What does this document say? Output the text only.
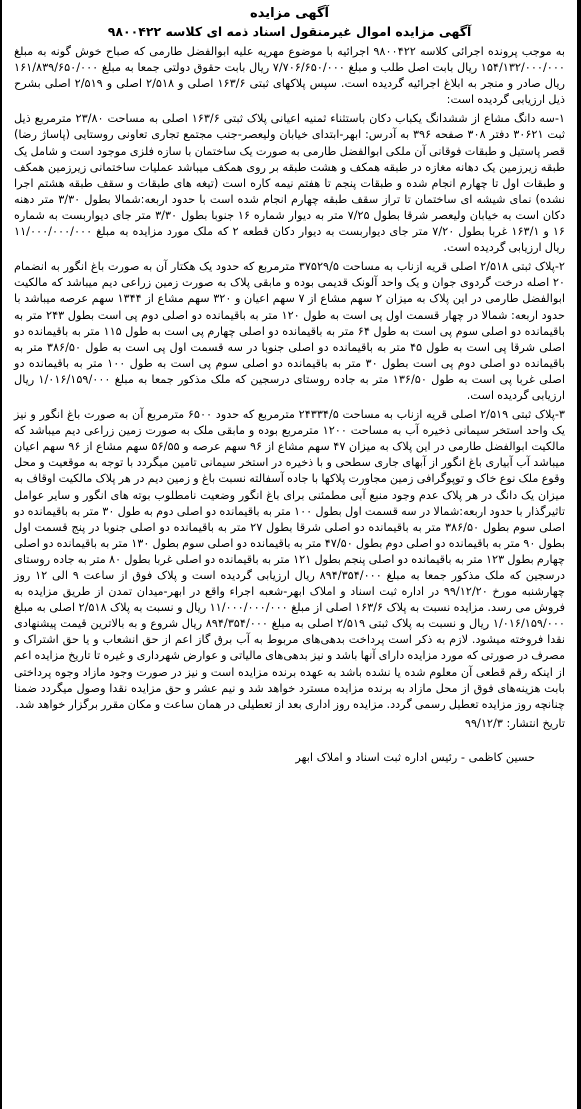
آگهی مزایده
آگهی مزایده اموال غیرمنقول اسناد ذمه ای کلاسه ۹۸۰۰۴۲۲

به موجب پرونده اجرائی کلاسه ۹۸۰۰۴۲۲ اجرائیه با موضوع مهریه علیه ابوالفضل طارمی که صباح خوش گونه به مبلغ ۱۵۴/۱۳۲/۰۰۰/۰۰۰ ریال بابت اصل طلب و مبلغ ۷/۷۰۶/۶۵۰/۰۰۰ ریال بابت حقوق دولتی جمعا به مبلغ ۱۶۱/۸۳۹/۶۵۰/۰۰۰ ریال صادر و منجر به ابلاغ اجرائیه گردیده است. سپس پلاکهای ثبتی ۱۶۳/۶ اصلی و ۲/۵۱۸ اصلی و ۲/۵۱۹ اصلی بشرح ذیل ارزیابی گردیده است:

۱-سه دانگ مشاع از ششدانگ یکباب دکان باستثناء ثمنیه اعیانی پلاک ثبتی ۱۶۳/۶ اصلی به مساحت ۲۳/۸۰ مترمربع ذیل ثبت ۳۰۶۲۱ دفتر ۳۰۸ صفحه ۳۹۶ به آدرس: ابهر-ابتدای خیابان ولیعصر-جنب مجتمع تجاری تعاونی روستایی (پاساژ رضا) قصر پاستیل و طبقات فوقانی آن ملکی ابوالفضل طارمی به صورت یک ساختمان با سازه فلزی موجود است و شامل یک طبقه زیرزمین یک دهانه مغازه در طبقه همکف و هشت طبقه بر روی همکف میباشد عملیات ساختمانی زیرزمین همکف و طبقات اول تا چهارم انجام شده و طبقات پنجم تا هفتم نیمه کاره است (تیغه های طبقات و سقف طبقه هشتم اجرا نشده) نمای شیشه ای ساختمان تا تراز سقف طبقه چهارم انجام شده است با حدود اربعه:شمالا بطول ۳/۳۰ متر دهنه دکان است به خیابان ولیعصر شرقا بطول ۷/۲۵ متر به دیوار شماره ۱۶ جنوبا بطول ۳/۳۰ متر جای دیواربست به شماره ۱۶ و ۱۶۳/۱ غربا بطول ۷/۲۰ متر جای دیواربست به دیوار دکان قطعه ۲ که ملک مورد مزایده به مبلغ ۱۱/۰۰۰/۰۰۰/۰۰۰ ریال ارزیابی گردیده است.

۲-پلاک ثبتی ۲/۵۱۸ اصلی قریه ازناب به مساحت ۳۷۵۲۹/۵ مترمربع که حدود یک هکتار آن به صورت باغ انگور به انضمام ۲۰ اصله درخت گردوی جوان و یک واحد آلونک قدیمی بوده و مابقی پلاک به صورت زمین زراعی دیم میباشد که مالکیت ابوالفضل طارمی در این پلاک به میزان ۲ سهم مشاع از ۷ سهم اعیان و ۳۲۰ سهم مشاع از ۱۳۴۴ سهم عرصه میباشد با حدود اربعه: شمالا در چهار قسمت اول پی است به طول ۱۲۰ متر به باقیمانده دو اصلی دوم پی است بطول ۲۴۳ متر به باقیمانده دو اصلی سوم پی است به طول ۶۴ متر به باقیمانده دو اصلی چهارم پی است به طول ۱۱۵ متر به باقیمانده دو اصلی شرقا پی است به طول ۴۵ متر به باقیمانده دو اصلی جنوبا در سه قسمت اول پی است به طول ۳۸۶/۵۰ متر به باقیمانده دو اصلی دوم پی است بطول ۳۰ متر به باقیمانده دو اصلی سوم پی است به طول ۱۰۰ متر به باقیمانده دو اصلی غربا پی است به طول ۱۳۶/۵۰ متر به جاده روستای درسجین که ملک مذکور جمعا به مبلغ ۱/۰۱۶/۱۵۹/۰۰۰ ریال ارزیابی گردیده است.

۳-پلاک ثبتی ۲/۵۱۹ اصلی قریه ازناب به مساحت ۲۴۳۳۴/۵ مترمربع که حدود ۶۵۰۰ مترمربع آن به صورت باغ انگور و نیز یک واحد استخر سیمانی ذخیره آب به مساحت ۱۲۰۰ مترمربع بوده و مابقی ملک به صورت زمین زراعی دیم میباشد که مالکیت ابوالفضل طارمی در این پلاک به میزان ۴۷ سهم مشاع از ۹۶ سهم عرصه و ۵۶/۵۵ سهم مشاع از ۹۶ سهم اعیان میباشد آب آبیاری باغ انگور از آبهای جاری سطحی و با ذخیره در استخر سیمانی تامین میگردد با توجه به موقعیت و محل وقوع ملک نوع خاک و توپوگرافی زمین مجاورت پلاکها با جاده آسفالته نسبت باغ و زمین دیم در هر پلاک مالکیت اوقاف به میزان یک دانگ در هر پلاک عدم وجود منبع آبی مطمئنی برای باغ انگور وضعیت نامطلوب بوته های انگور و سایر عوامل تاثیرگذار با حدود اربعه:شمالا در سه قسمت اول بطول ۱۰۰ متر به باقیمانده دو اصلی دوم به طول ۳۰ متر به باقیمانده دو اصلی سوم بطول ۳۸۶/۵۰ متر به باقیمانده دو اصلی شرقا بطول ۲۷ متر به باقیمانده دو اصلی جنوبا در پنج قسمت اول بطول ۹۰ متر به باقیمانده دو اصلی دوم بطول ۴۷/۵۰ متر به باقیمانده دو اصلی سوم بطول ۱۳۰ متر به باقیمانده دو اصلی چهارم بطول ۱۲۳ متر به باقیمانده دو اصلی پنجم بطول ۱۲۱ متر به باقیمانده دو اصلی غربا بطول ۸۰ متر به جاده روستای درسجین که ملک مذکور جمعا به مبلغ ۸۹۴/۳۵۴/۰۰۰ ریال ارزیابی گردیده است و پلاک فوق از ساعت ۹ الی ۱۲ روز چهارشنبه مورخ ۹۹/۱۲/۲۰ در اداره ثبت اسناد و املاک ابهر-شعبه اجراء واقع در ابهر-میدان تمدن از طریق مزایده به فروش می رسد. مزایده نسبت به پلاک ۱۶۳/۶ اصلی از مبلغ ۱۱/۰۰۰/۰۰۰/۰۰۰ ریال و نسبت به پلاک ۲/۵۱۸ اصلی به مبلغ ۱/۰۱۶/۱۵۹/۰۰۰ ریال و نسبت به پلاک ثبتی ۲/۵۱۹ اصلی به مبلغ ۸۹۴/۳۵۴/۰۰۰ ریال شروع و به بالاترین قیمت پیشنهادی نقدا فروخته میشود. لازم به ذکر است پرداخت بدهی‌های مربوط به آب برق گاز اعم از حق انشعاب و یا حق اشتراک و مصرف در صورتی که مورد مزایده دارای آنها باشد و نیز بدهی‌های مالیاتی و عوارض شهرداری و غیره تا تاریخ مزایده اعم از اینکه رقم قطعی آن معلوم شده یا نشده باشد به عهده برنده مزایده است و نیز در صورت وجود مازاد وجوه پرداختی بابت هزینه‌های فوق از محل مازاد به برنده مزایده مسترد خواهد شد و نیم عشر و حق مزایده نقدا وصول میگردد ضمنا چنانچه روز مزایده تعطیل رسمی گردد. مزایده روز اداری بعد از تعطیلی در همان ساعت و مکان مقرر برگزار خواهد شد.

تاریخ انتشار: ۹۹/۱۲/۳
حسین کاظمی - رئیس اداره ثبت اسناد و املاک ابهر
